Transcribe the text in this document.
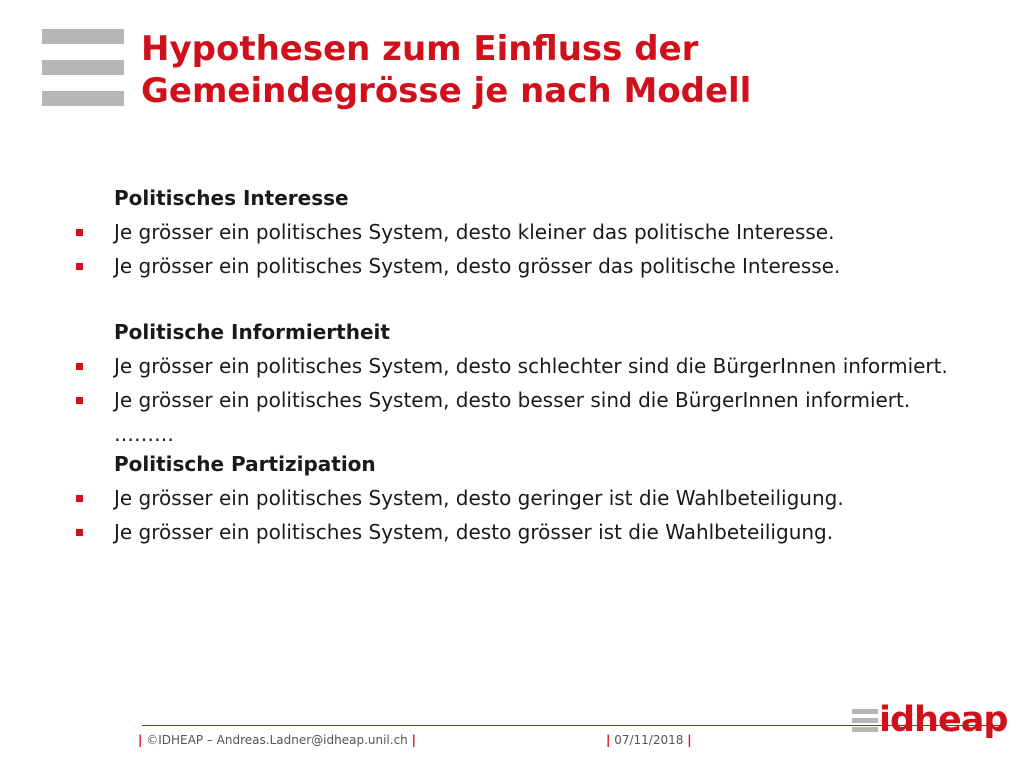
Hypothesen zum Einfluss der
Gemeindegrösse je nach Modell

Politisches Interesse

Je grösser ein politisches System, desto kleiner das politische Interesse.
Je grösser ein politisches System, desto grösser das politische Interesse.

Politische Informiertheit

Je grösser ein politisches System, desto schlechter sind die BürgerInnen informiert.
Je grösser ein politisches System, desto besser sind die BürgerInnen informiert.

………

Politische Partizipation

Je grösser ein politisches System, desto geringer ist die Wahlbeteiligung.
Je grösser ein politisches System, desto grösser ist die Wahlbeteiligung.
| ©IDHEAP – Andreas.Ladner@idheap.unil.ch |	| 07/11/2018 |	idheap
